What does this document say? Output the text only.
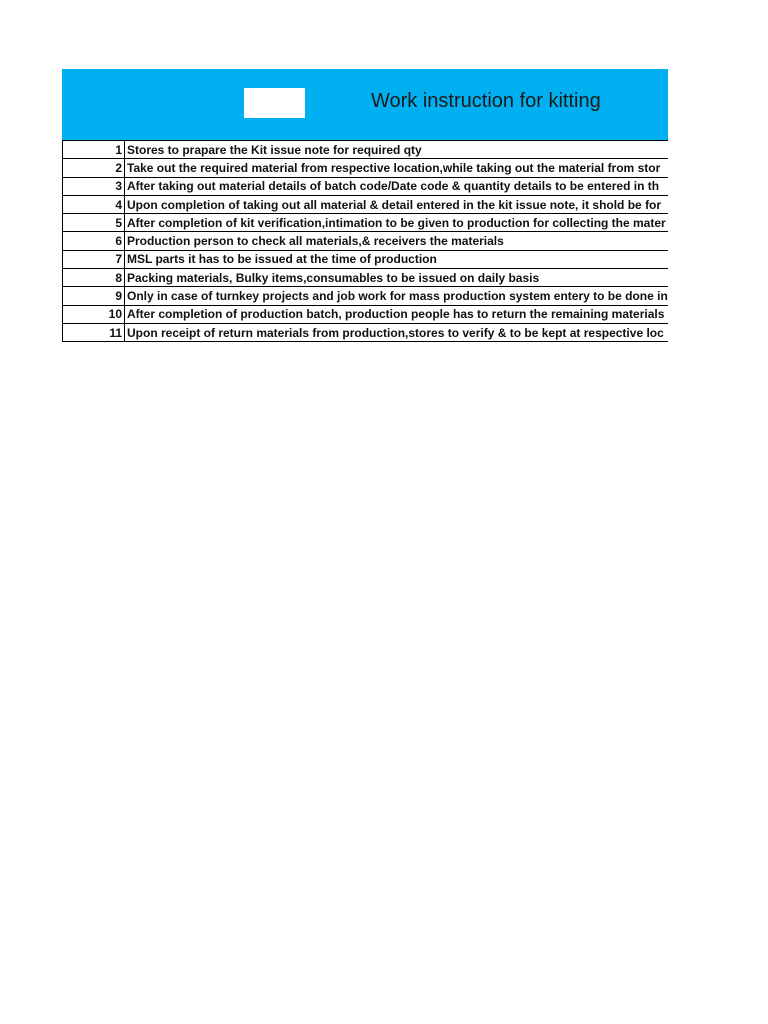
Work instruction for kitting
1	Stores to prapare the Kit issue note for required qty
2	Take out the required material from respective location,while taking out the material from stor
3	After taking out material details of batch code/Date code & quantity details to be entered in th
4	Upon completion of taking out all material & detail entered in the kit issue note, it shold be for
5	After completion of kit verification,intimation to be given to production for collecting the mater
6	Production person to check all materials,& receivers the materials
7	MSL parts it has to be issued at the time of production
8	Packing materials, Bulky items,consumables to be issued on daily basis
9	Only in case of turnkey projects and job work for mass production system entery to be done in
10	After completion of production batch, production people has to return the remaining materials
11	Upon receipt of return materials from production,stores to verify & to be kept at respective loc
